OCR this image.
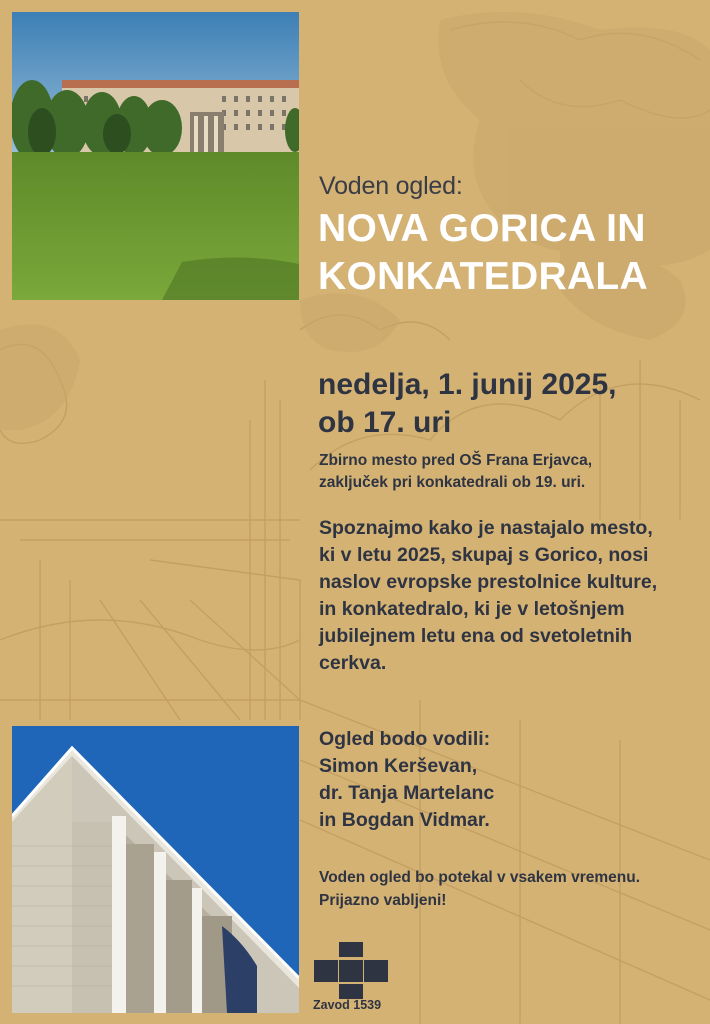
Voden ogled:
NOVA GORICA IN
KONKATEDRALA
nedelja, 1. junij 2025,
ob 17. uri
Zbirno mesto pred OŠ Frana Erjavca,
zaključek pri konkatedrali ob 19. uri.
Spoznajmo kako je nastajalo mesto,
ki v letu 2025, skupaj s Gorico, nosi
naslov evropske prestolnice kulture,
in konkatedralo, ki je v letošnjem
jubilejnem letu ena od svetoletnih
cerkva.
Ogled bodo vodili:
Simon Kerševan,
dr. Tanja Martelanc
in Bogdan Vidmar.
Voden ogled bo potekal v vsakem vremenu.
Prijazno vabljeni!
Zavod 1539
